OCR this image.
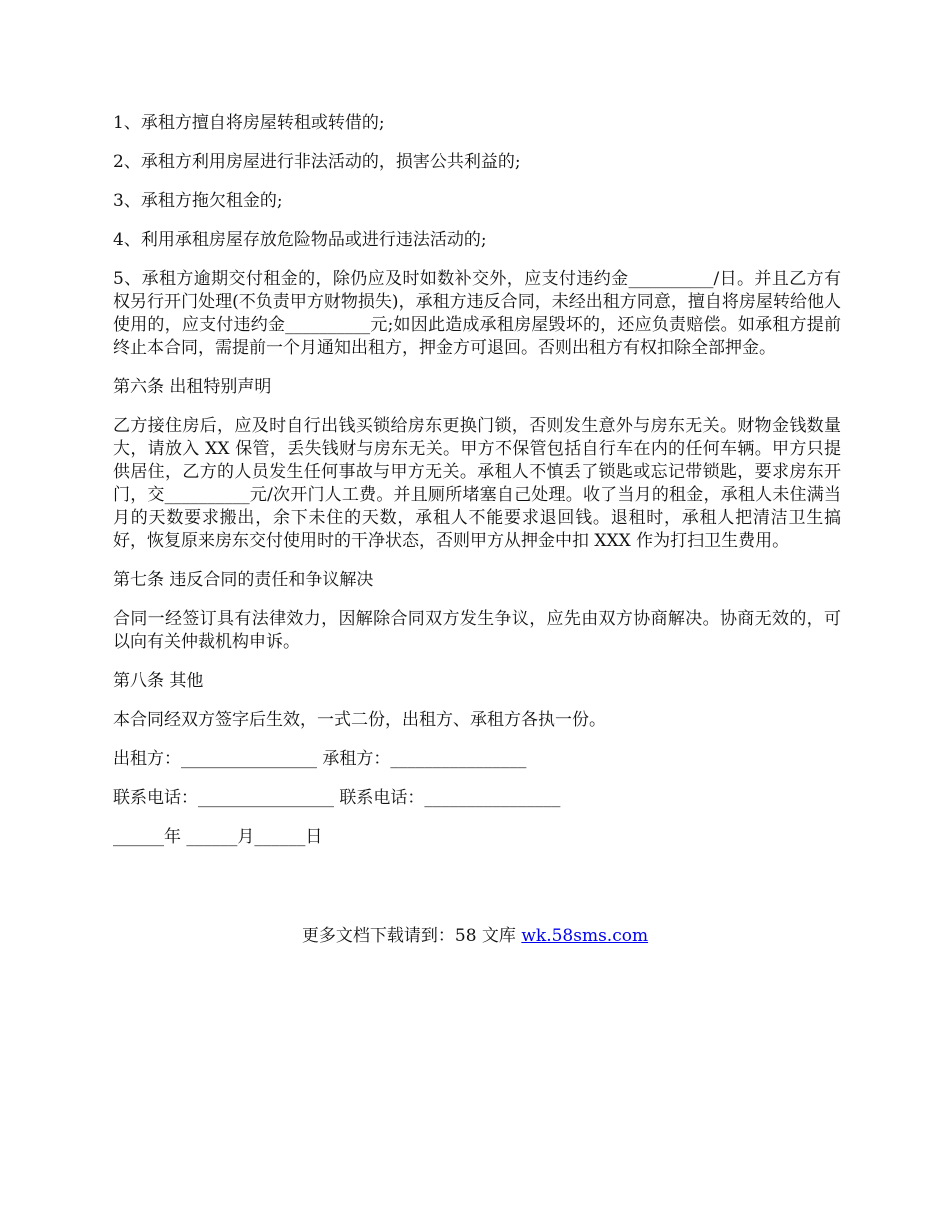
1、承租方擅自将房屋转租或转借的;

2、承租方利用房屋进行非法活动的，损害公共利益的;

3、承租方拖欠租金的;

4、利用承租房屋存放危险物品或进行违法活动的;

5、承租方逾期交付租金的，除仍应及时如数补交外，应支付违约金__________/日。并且乙方有权另行开门处理(不负责甲方财物损失)，承租方违反合同，未经出租方同意，擅自将房屋转给他人使用的，应支付违约金__________元;如因此造成承租房屋毁坏的，还应负责赔偿。如承租方提前终止本合同，需提前一个月通知出租方，押金方可退回。否则出租方有权扣除全部押金。

第六条 出租特别声明

乙方接住房后，应及时自行出钱买锁给房东更换门锁，否则发生意外与房东无关。财物金钱数量大，请放入 XX 保管，丢失钱财与房东无关。甲方不保管包括自行车在内的任何车辆。甲方只提供居住，乙方的人员发生任何事故与甲方无关。承租人不慎丢了锁匙或忘记带锁匙，要求房东开门，交__________元/次开门人工费。并且厕所堵塞自己处理。收了当月的租金，承租人未住满当月的天数要求搬出，余下未住的天数，承租人不能要求退回钱。退租时，承租人把清洁卫生搞好，恢复原来房东交付使用时的干净状态，否则甲方从押金中扣 XXX 作为打扫卫生费用。

第七条 违反合同的责任和争议解决

合同一经签订具有法律效力，因解除合同双方发生争议，应先由双方协商解决。协商无效的，可以向有关仲裁机构申诉。

第八条 其他

本合同经双方签字后生效，一式二份，出租方、承租方各执一份。

出租方：________________ 承租方：________________

联系电话：________________ 联系电话：________________

______年 ______月______日

更多文档下载请到：58 文库 wk.58sms.com
